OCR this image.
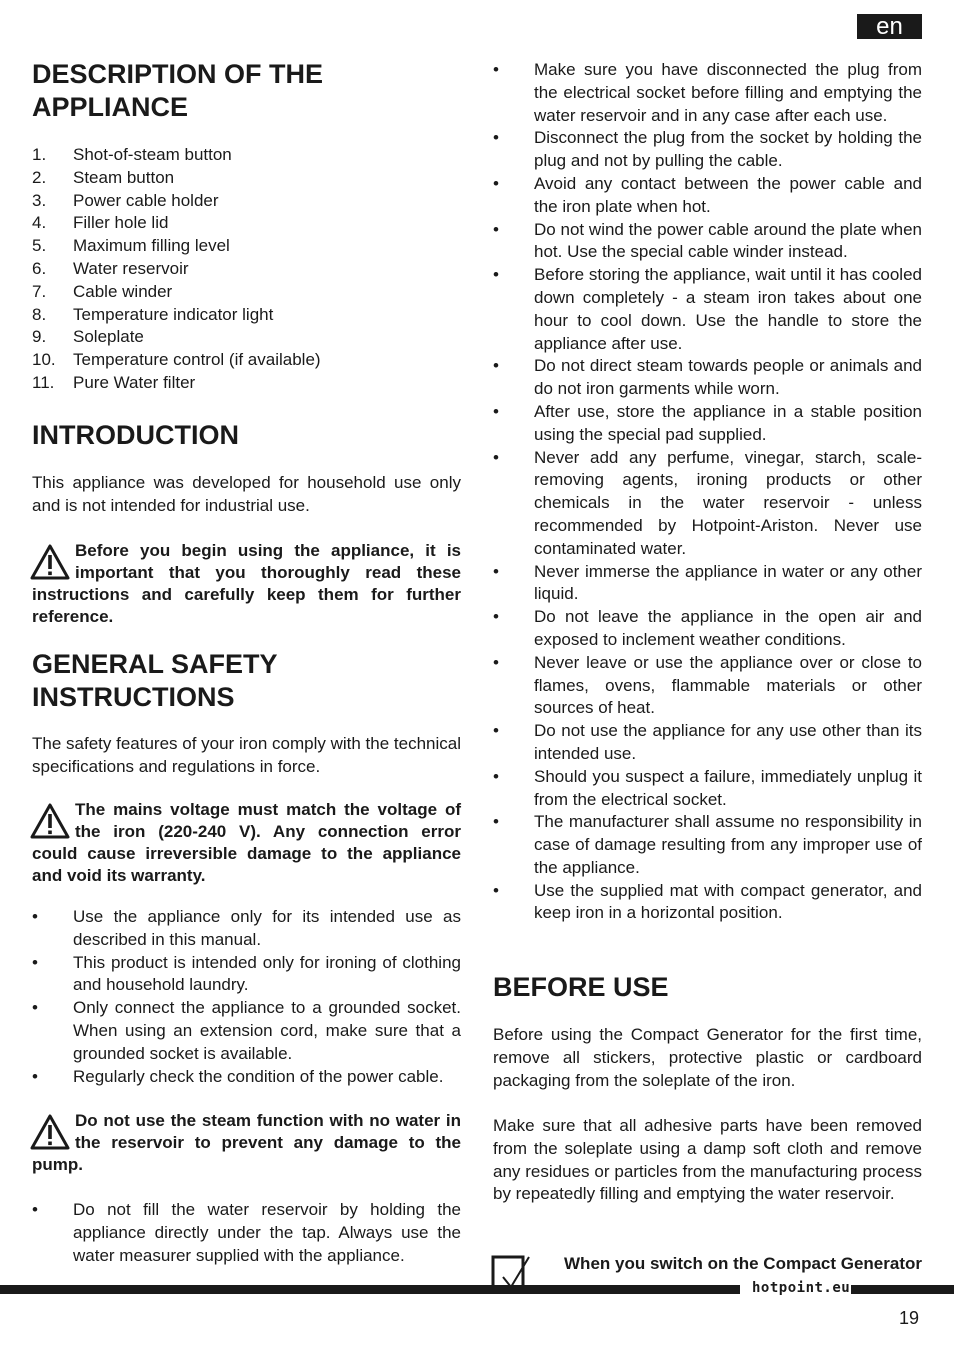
en
DESCRIPTION OF THE
APPLIANCE
1. Shot-of-steam button
2. Steam button
3. Power cable holder
4. Filler hole lid
5. Maximum filling level
6. Water reservoir
7. Cable winder
8. Temperature indicator light
9. Soleplate
10. Temperature control (if available)
11. Pure Water filter
INTRODUCTION

This appliance was developed for household use only and is not intended for industrial use.

Before you begin using the appliance, it is important that you thoroughly read these instructions and carefully keep them for further reference.
GENERAL SAFETY
INSTRUCTIONS

The safety features of your iron comply with the technical specifications and regulations in force.

The mains voltage must match the voltage of the iron (220-240 V). Any connection error could cause irreversible damage to the appliance and void its warranty.
• Use the appliance only for its intended use as described in this manual.
• This product is intended only for ironing of clothing and household laundry.
• Only connect the appliance to a grounded socket. When using an extension cord, make sure that a grounded socket is available.
• Regularly check the condition of the power cable.
Do not use the steam function with no water in the reservoir to prevent any damage to the pump.
• Do not fill the water reservoir by holding the appliance directly under the tap. Always use the water measurer supplied with the appliance.
• Make sure you have disconnected the plug from the electrical socket before filling and emptying the water reservoir and in any case after each use.
• Disconnect the plug from the socket by holding the plug and not by pulling the cable.
• Avoid any contact between the power cable and the iron plate when hot.
• Do not wind the power cable around the plate when hot. Use the special cable winder instead.
• Before storing the appliance, wait until it has cooled down completely - a steam iron takes about one hour to cool down. Use the handle to store the appliance after use.
• Do not direct steam towards people or animals and do not iron garments while worn.
• After use, store the appliance in a stable position using the special pad supplied.
• Never add any perfume, vinegar, starch, scale-removing agents, ironing products or other chemicals in the water reservoir - unless recommended by Hotpoint-Ariston. Never use contaminated water.
• Never immerse the appliance in water or any other liquid.
• Do not leave the appliance in the open air and exposed to inclement weather conditions.
• Never leave or use the appliance over or close to flames, ovens, flammable materials or other sources of heat.
• Do not use the appliance for any use other than its intended use.
• Should you suspect a failure, immediately unplug it from the electrical socket.
• The manufacturer shall assume no responsibility in case of damage resulting from any improper use of the appliance.
• Use the supplied mat with compact generator, and keep iron in a horizontal position.
BEFORE USE

Before using the Compact Generator for the first time, remove all stickers, protective plastic or cardboard packaging from the soleplate of the iron.

Make sure that all adhesive parts have been removed from the soleplate using a damp soft cloth and remove any residues or particles from the manufacturing process by repeatedly filling and emptying the water reservoir.

When you switch on the Compact Generator
hotpoint.eu
19
